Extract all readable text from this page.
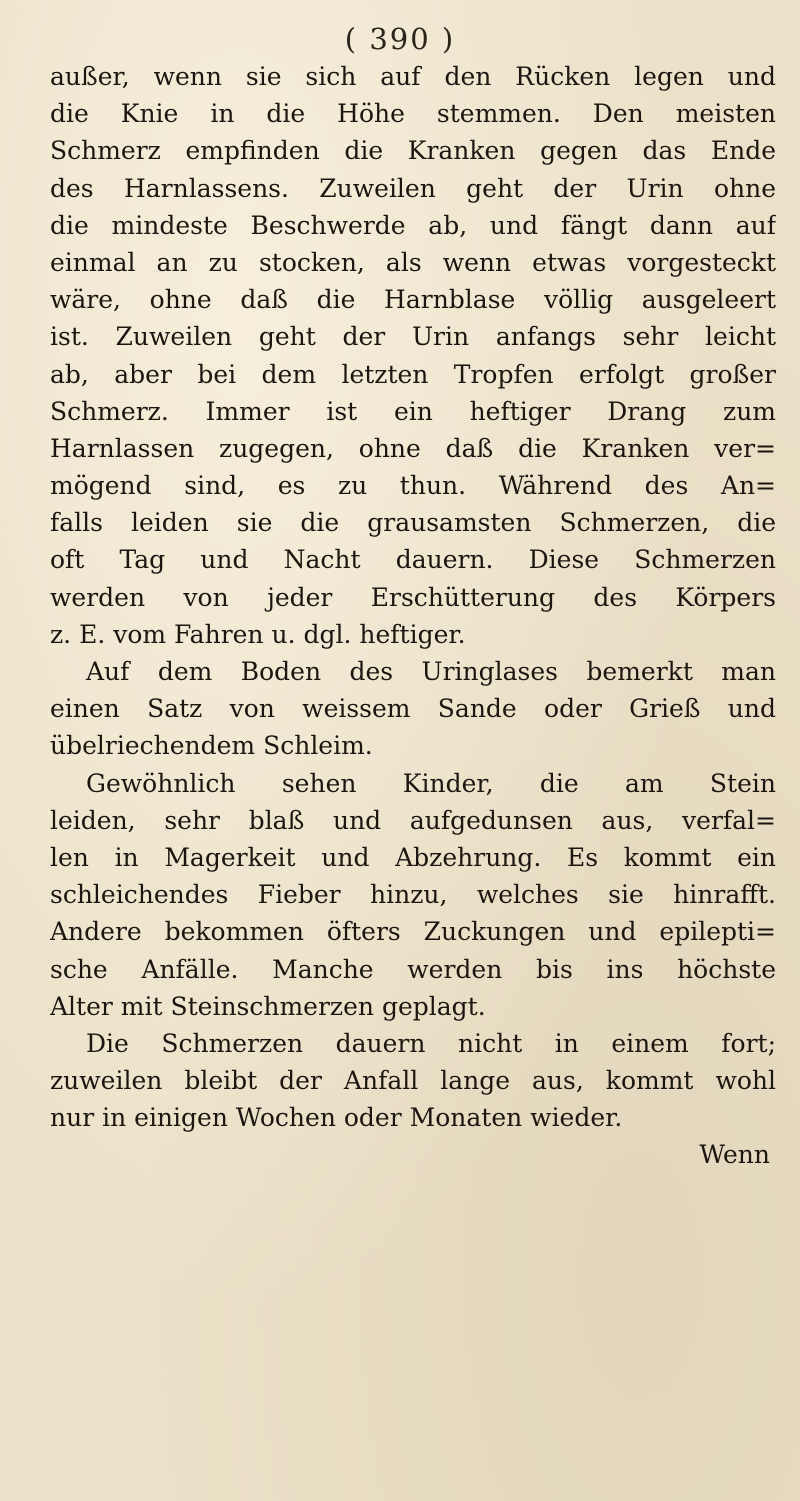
( 390 )
außer, wenn sie sich auf den Rücken legen und
die Knie in die Höhe stemmen. Den meisten
Schmerz empfinden die Kranken gegen das Ende
des Harnlassens. Zuweilen geht der Urin ohne
die mindeste Beschwerde ab, und fängt dann auf
einmal an zu stocken, als wenn etwas vorgesteckt
wäre, ohne daß die Harnblase völlig ausgeleert
ist. Zuweilen geht der Urin anfangs sehr leicht
ab, aber bei dem letzten Tropfen erfolgt großer
Schmerz. Immer ist ein heftiger Drang zum
Harnlassen zugegen, ohne daß die Kranken ver=
mögend sind, es zu thun. Während des An=
falls leiden sie die grausamsten Schmerzen, die
oft Tag und Nacht dauern. Diese Schmerzen
werden von jeder Erschütterung des Körpers
z. E. vom Fahren u. dgl. heftiger.
Auf dem Boden des Uringlases bemerkt man
einen Satz von weissem Sande oder Grieß und
übelriechendem Schleim.
Gewöhnlich sehen Kinder, die am Stein
leiden, sehr blaß und aufgedunsen aus, verfal=
len in Magerkeit und Abzehrung. Es kommt ein
schleichendes Fieber hinzu, welches sie hinrafft.
Andere bekommen öfters Zuckungen und epilepti=
sche Anfälle. Manche werden bis ins höchste
Alter mit Steinschmerzen geplagt.
Die Schmerzen dauern nicht in einem fort;
zuweilen bleibt der Anfall lange aus, kommt wohl
nur in einigen Wochen oder Monaten wieder.
Wenn
